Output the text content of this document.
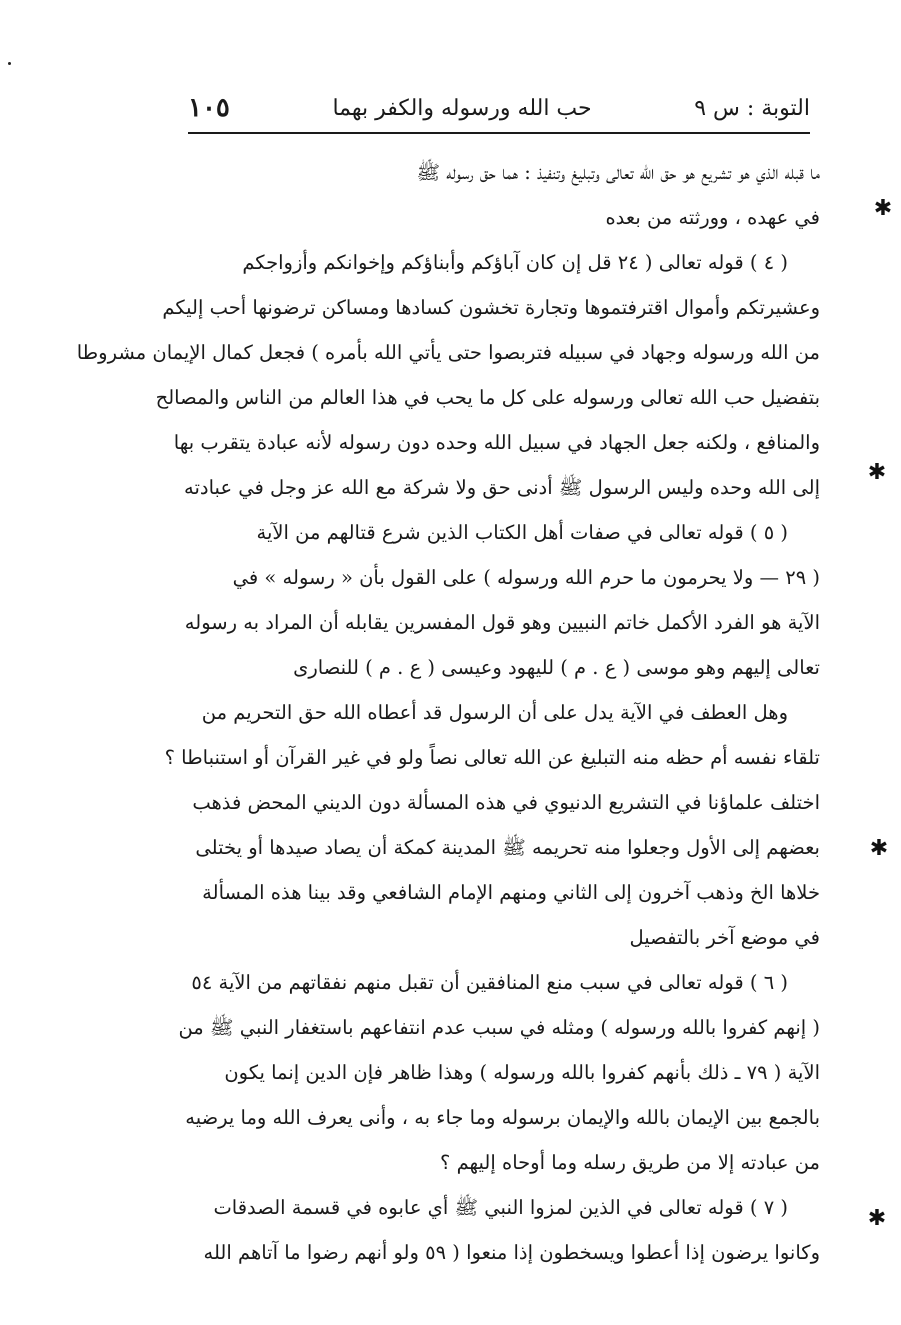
التوبة : س ٩
حب الله ورسوله والكفر بهما
١٠٥
ما قبله الذي هو تشريع هو حق الله تعالى وتبليغ وتنفيذ : هما حق رسوله ﷺ
في عهده ، وورثته من بعده
( ٤ ) قوله تعالى ( ٢٤ قل إن كان آباؤكم وأبناؤكم وإخوانكم وأزواجكم
وعشيرتكم وأموال اقترفتموها وتجارة تخشون كسادها ومساكن ترضونها أحب إليكم
من الله ورسوله وجهاد في سبيله فتربصوا حتى يأتي الله بأمره ) فجعل كمال الإيمان مشروطا
بتفضيل حب الله تعالى ورسوله على كل ما يحب في هذا العالم من الناس والمصالح
والمنافع ، ولكنه جعل الجهاد في سبيل الله وحده دون رسوله لأنه عبادة يتقرب بها
إلى الله وحده وليس الرسول ﷺ أدنى حق ولا شركة مع الله عز وجل في عبادته
( ٥ ) قوله تعالى في صفات أهل الكتاب الذين شرع قتالهم من الآية
( ٢٩ — ولا يحرمون ما حرم الله ورسوله ) على القول بأن « رسوله » في
الآية هو الفرد الأكمل خاتم النبيين وهو قول المفسرين يقابله أن المراد به رسوله
تعالى إليهم وهو موسى ( ع . م ) لليهود وعيسى ( ع . م ) للنصارى
وهل العطف في الآية يدل على أن الرسول قد أعطاه الله حق التحريم من
تلقاء نفسه أم حظه منه التبليغ عن الله تعالى نصاً ولو في غير القرآن أو استنباطا ؟
اختلف علماؤنا في التشريع الدنيوي في هذه المسألة دون الديني المحض فذهب
بعضهم إلى الأول وجعلوا منه تحريمه ﷺ المدينة كمكة أن يصاد صيدها أو يختلى
خلاها الخ وذهب آخرون إلى الثاني ومنهم الإمام الشافعي وقد بينا هذه المسألة
في موضع آخر بالتفصيل
( ٦ ) قوله تعالى في سبب منع المنافقين أن تقبل منهم نفقاتهم من الآية ٥٤
( إنهم كفروا بالله ورسوله ) ومثله في سبب عدم انتفاعهم باستغفار النبي ﷺ من
الآية ( ٧٩ ـ ذلك بأنهم كفروا بالله ورسوله ) وهذا ظاهر فإن الدين إنما يكون
بالجمع بين الإيمان بالله والإيمان برسوله وما جاء به ، وأنى يعرف الله وما يرضيه
من عبادته إلا من طريق رسله وما أوحاه إليهم ؟
( ٧ ) قوله تعالى في الذين لمزوا النبي ﷺ أي عابوه في قسمة الصدقات
وكانوا يرضون إذا أعطوا ويسخطون إذا منعوا ( ٥٩ ولو أنهم رضوا ما آتاهم الله
✱
✱
✱
✱
